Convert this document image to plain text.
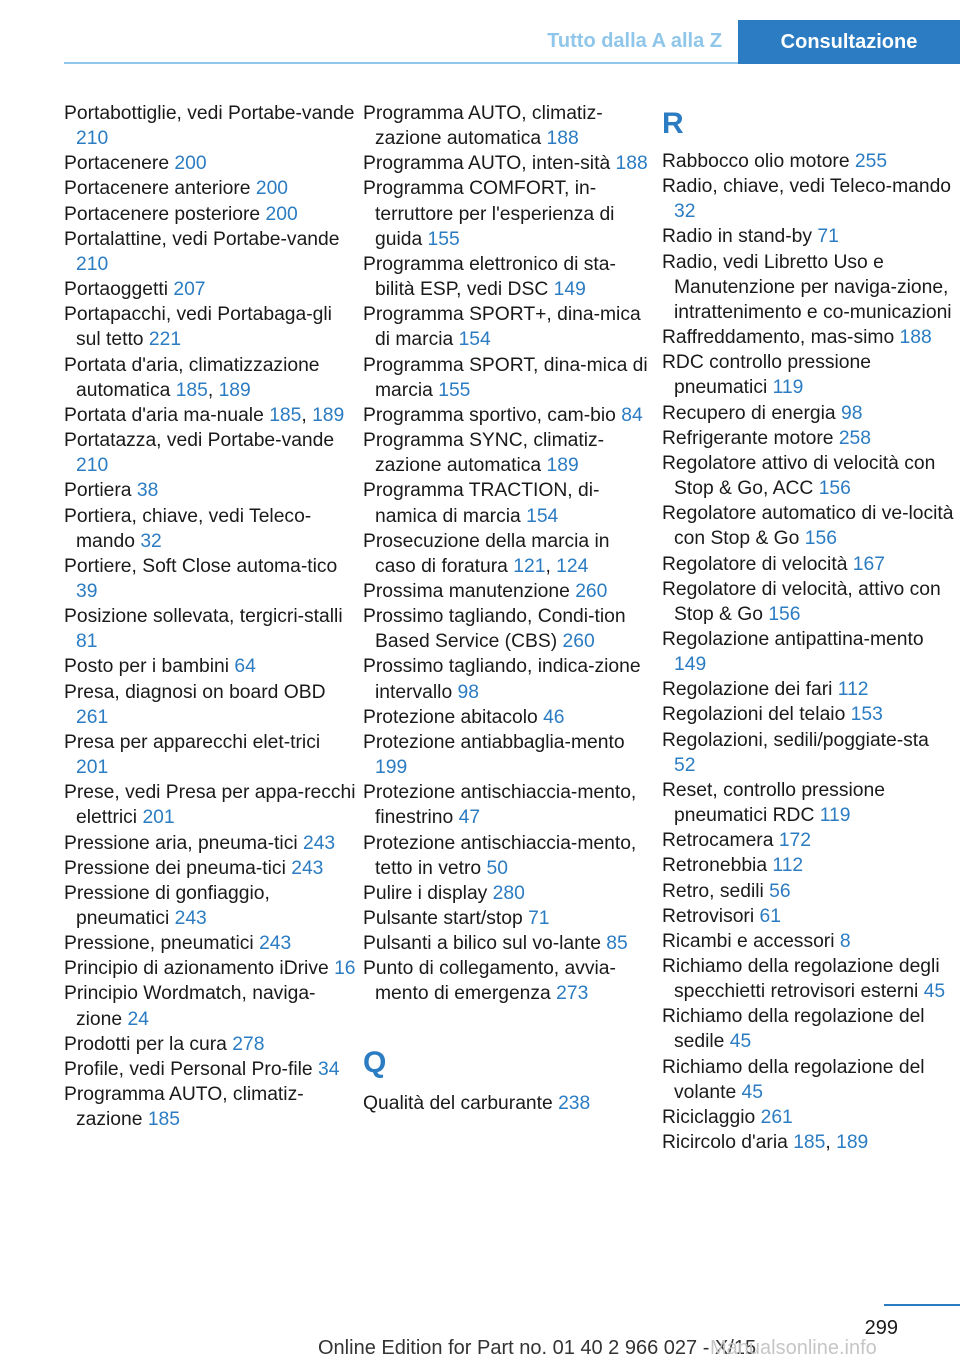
Tutto dalla A alla Z	Consultazione
Portabottiglie, vedi Portabe-vande 210
Portacenere 200
Portacenere anteriore 200
Portacenere posteriore 200
Portalattine, vedi Portabe-vande 210
Portaoggetti 207
Portapacchi, vedi Portabaga-gli sul tetto 221
Portata d'aria, climatizzazione automatica 185, 189
Portata d'aria ma-nuale 185, 189
Portatazza, vedi Portabe-vande 210
Portiera 38
Portiera, chiave, vedi Teleco-mando 32
Portiere, Soft Close automa-tico 39
Posizione sollevata, tergicri-stalli 81
Posto per i bambini 64
Presa, diagnosi on board OBD 261
Presa per apparecchi elet-trici 201
Prese, vedi Presa per appa-recchi elettrici 201
Pressione aria, pneuma-tici 243
Pressione dei pneuma-tici 243
Pressione di gonfiaggio, pneumatici 243
Pressione, pneumatici 243
Principio di azionamento iDrive 16
Principio Wordmatch, naviga-zione 24
Prodotti per la cura 278
Profile, vedi Personal Pro-file 34
Programma AUTO, climatiz-zazione 185
Programma AUTO, climatiz-zazione automatica 188
Programma AUTO, inten-sità 188
Programma COMFORT, in-terruttore per l'esperienza di guida 155
Programma elettronico di sta-bilità ESP, vedi DSC 149
Programma SPORT+, dina-mica di marcia 154
Programma SPORT, dina-mica di marcia 155
Programma sportivo, cam-bio 84
Programma SYNC, climatiz-zazione automatica 189
Programma TRACTION, di-namica di marcia 154
Prosecuzione della marcia in caso di foratura 121, 124
Prossima manutenzione 260
Prossimo tagliando, Condi-tion Based Service (CBS) 260
Prossimo tagliando, indica-zione intervallo 98
Protezione abitacolo 46
Protezione antiabbaglia-mento 199
Protezione antischiaccia-mento, finestrino 47
Protezione antischiaccia-mento, tetto in vetro 50
Pulire i display 280
Pulsante start/stop 71
Pulsanti a bilico sul vo-lante 85
Punto di collegamento, avvia-mento di emergenza 273
Q
Qualità del carburante 238
R
Rabbocco olio motore 255
Radio, chiave, vedi Teleco-mando 32
Radio in stand-by 71
Radio, vedi Libretto Uso e Manutenzione per naviga-zione, intrattenimento e co-municazioni
Raffreddamento, mas-simo 188
RDC controllo pressione pneumatici 119
Recupero di energia 98
Refrigerante motore 258
Regolatore attivo di velocità con Stop & Go, ACC 156
Regolatore automatico di ve-locità con Stop & Go 156
Regolatore di velocità 167
Regolatore di velocità, attivo con Stop & Go 156
Regolazione antipattina-mento 149
Regolazione dei fari 112
Regolazioni del telaio 153
Regolazioni, sedili/poggiate-sta 52
Reset, controllo pressione pneumatici RDC 119
Retrocamera 172
Retronebbia 112
Retro, sedili 56
Retrovisori 61
Ricambi e accessori 8
Richiamo della regolazione degli specchietti retrovisori esterni 45
Richiamo della regolazione del sedile 45
Richiamo della regolazione del volante 45
Riciclaggio 261
Ricircolo d'aria 185, 189
299
Online Edition for Part no. 01 40 2 966 027 - X/15
Manualsonline.info
